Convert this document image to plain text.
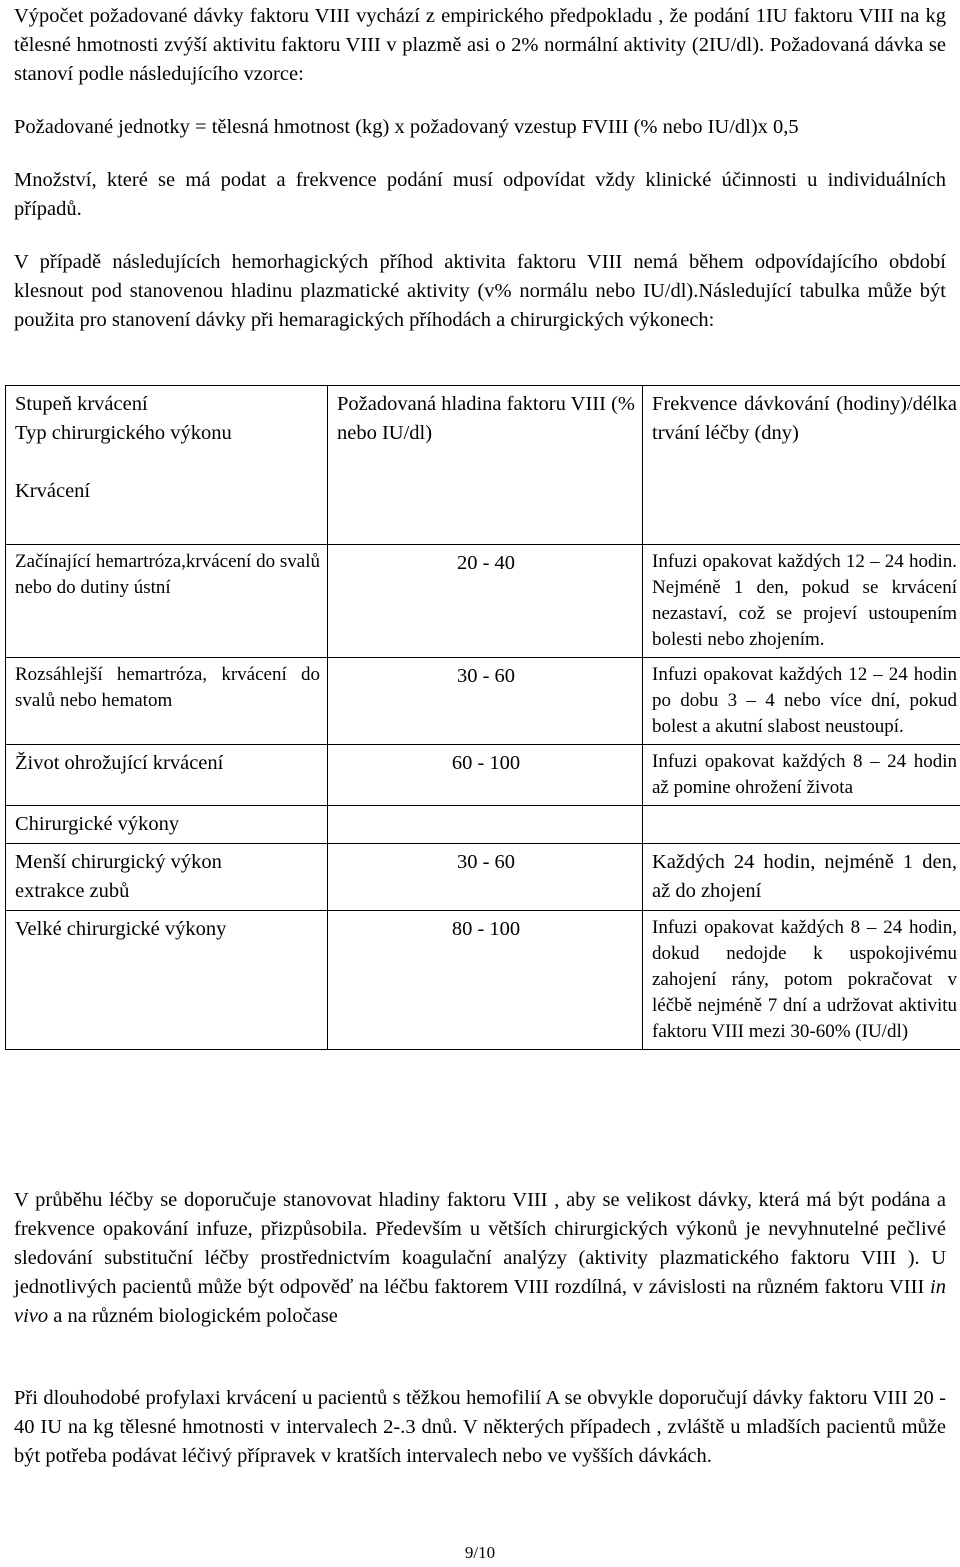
Výpočet požadované dávky faktoru VIII vychází z empirického předpokladu , že podání 1IU faktoru VIII na kg tělesné hmotnosti zvýší aktivitu faktoru VIII v plazmě asi o 2% normální aktivity (2IU/dl). Požadovaná dávka se stanoví podle následujícího vzorce:

Požadované jednotky = tělesná hmotnost (kg) x požadovaný vzestup FVIII (% nebo IU/dl)x 0,5

Množství, které se má podat a frekvence podání musí odpovídat vždy klinické účinnosti u individuálních případů.

V případě následujících hemorhagických příhod aktivita faktoru VIII nemá během odpovídajícího období klesnout pod stanovenou hladinu plazmatické aktivity (v% normálu nebo IU/dl).Následující tabulka může být použita pro stanovení dávky při hemaragických příhodách a chirurgických výkonech:

Stupeň krvácení
Typ chirurgického výkonu
Krvácení	Požadovaná hladina faktoru VIII (% nebo IU/dl)	Frekvence dávkování (hodiny)/délka trvání léčby (dny)
Začínající hemartróza,krvácení do svalů nebo do dutiny ústní	20 - 40	Infuzi opakovat každých 12 – 24 hodin. Nejméně 1 den, pokud se krvácení nezastaví, což se projeví ustoupením bolesti nebo zhojením.
Rozsáhlejší hemartróza, krvácení do svalů nebo hematom	30 - 60	Infuzi opakovat každých 12 – 24 hodin po dobu 3 – 4 nebo více dní, pokud bolest a akutní slabost neustoupí.
Život ohrožující krvácení	60 - 100	Infuzi opakovat každých 8 – 24 hodin až pomine ohrožení života
Chirurgické výkony		

Menší chirurgický výkon
extrakce zubů	30 - 60	Každých 24 hodin, nejméně 1 den, až do zhojení
Velké chirurgické výkony	80 - 100	Infuzi opakovat každých 8 – 24 hodin, dokud nedojde k uspokojivému zahojení rány, potom pokračovat v léčbě nejméně 7 dní a udržovat aktivitu faktoru VIII mezi 30-60% (IU/dl)

V průběhu léčby se doporučuje stanovovat hladiny faktoru VIII , aby se velikost dávky, která má být podána a frekvence opakování infuze, přizpůsobila. Především u větších chirurgických výkonů je nevyhnutelné pečlivé sledování substituční léčby prostřednictvím koagulační analýzy (aktivity plazmatického faktoru VIII ). U jednotlivých pacientů může být odpověď na léčbu faktorem VIII rozdílná, v závislosti na různém faktoru VIII in vivo a na různém biologickém poločase

Při dlouhodobé profylaxi krvácení u pacientů s těžkou hemofilií A se obvykle doporučují dávky faktoru VIII 20 - 40 IU na kg tělesné hmotnosti v intervalech 2-.3 dnů. V některých případech , zvláště u mladších pacientů může být potřeba podávat léčivý přípravek v kratších intervalech nebo ve vyšších dávkách.

9/10
